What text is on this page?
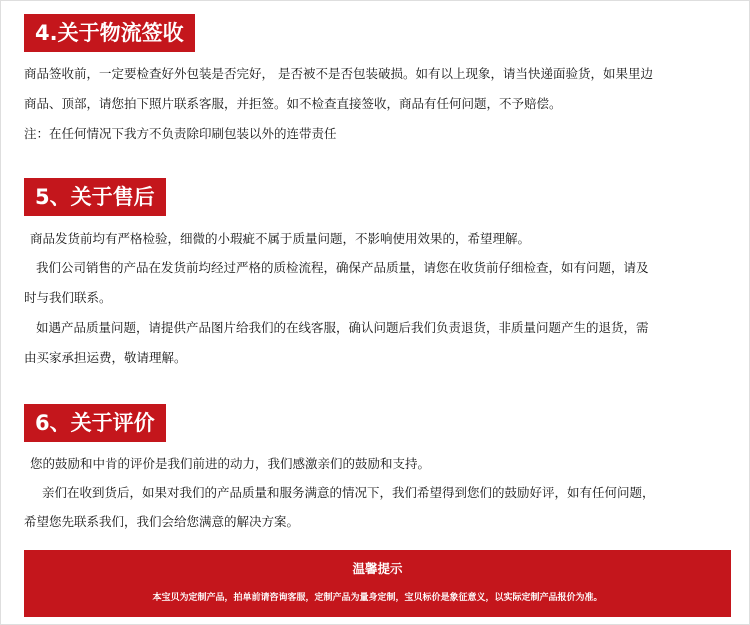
4.关于物流签收
商品签收前，一定要检查好外包装是否完好， 是否被不是否包装破损。如有以上现象，请当快递面验货，如果里边
商品、顶部，请您拍下照片联系客服，并拒签。如不检查直接签收，商品有任何问题，不予赔偿。
注：在任何情况下我方不负责除印刷包装以外的连带责任
5、关于售后
商品发货前均有严格检验，细微的小瑕疵不属于质量问题，不影响使用效果的，希望理解。
我们公司销售的产品在发货前均经过严格的质检流程，确保产品质量，请您在收货前仔细检查，如有问题，请及
时与我们联系。
如遇产品质量问题，请提供产品图片给我们的在线客服，确认问题后我们负责退货，非质量问题产生的退货，需
由买家承担运费，敬请理解。
6、关于评价
您的鼓励和中肯的评价是我们前进的动力，我们感激亲们的鼓励和支持。
亲们在收到货后，如果对我们的产品质量和服务满意的情况下，我们希望得到您们的鼓励好评，如有任何问题，
希望您先联系我们，我们会给您满意的解决方案。
温馨提示
本宝贝为定制产品，拍单前请咨询客服，定制产品为量身定制，宝贝标价是象征意义，以实际定制产品报价为准。
